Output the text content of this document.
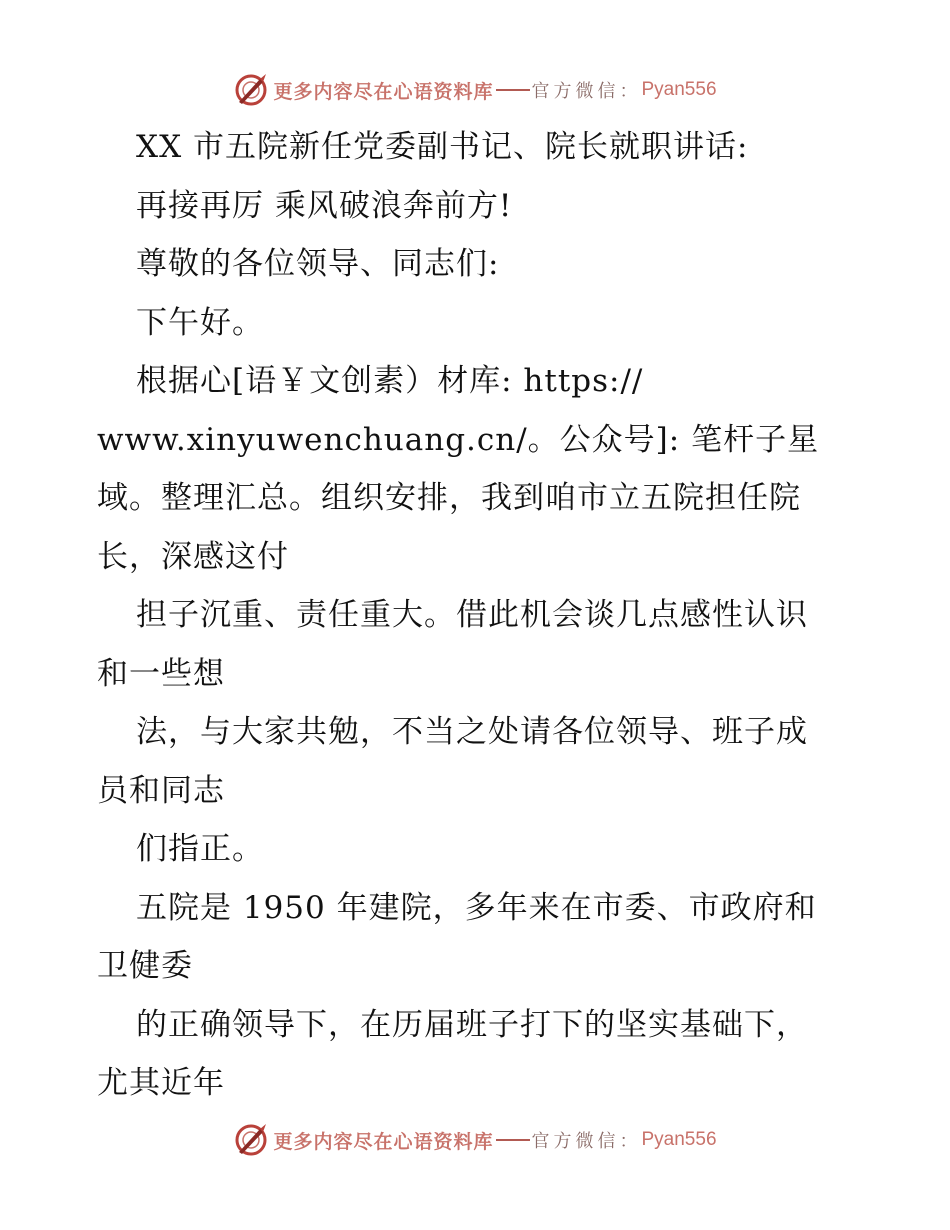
更多内容尽在心语资料库 官方微信： Pyan556
XX 市五院新任党委副书记、院长就职讲话:
再接再厉 乘风破浪奔前方!
尊敬的各位领导、同志们:
下午好。
根据心[语￥文创素）材库: https://
www.xinyuwenchuang.cn/。公众号]: 笔杆子星
域。整理汇总。组织安排，我到咱市立五院担任院
长，深感这付
担子沉重、责任重大。借此机会谈几点感性认识
和一些想
法，与大家共勉，不当之处请各位领导、班子成
员和同志
们指正。
五院是 1950 年建院，多年来在市委、市政府和
卫健委
的正确领导下，在历届班子打下的坚实基础下，
尤其近年
更多内容尽在心语资料库 官方微信： Pyan556
